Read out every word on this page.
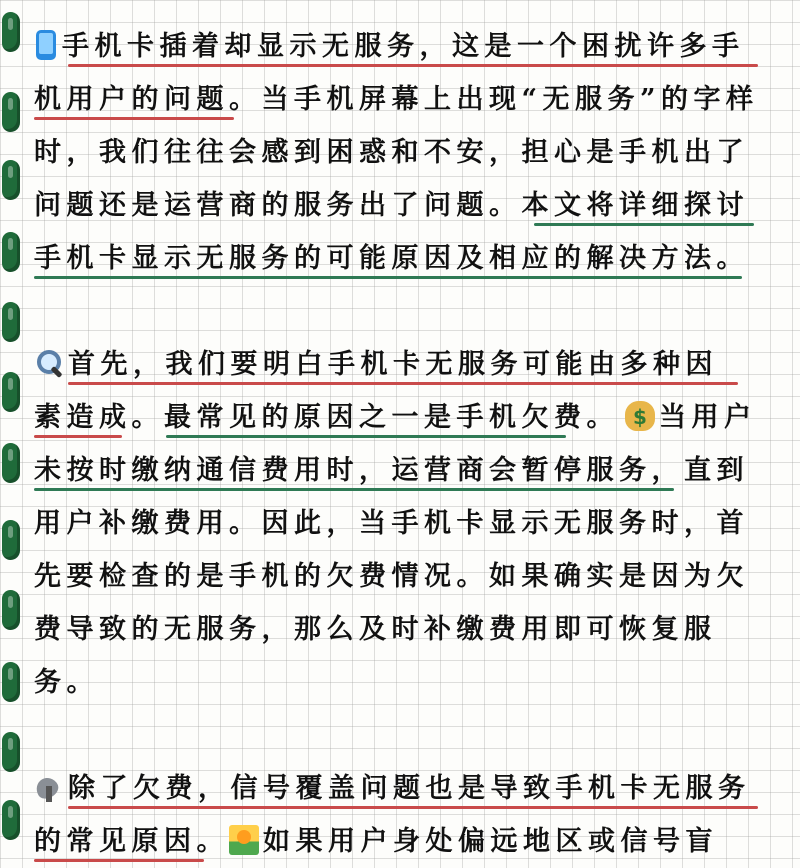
手机卡插着却显示无服务，这是一个困扰许多手
机用户的问题。当手机屏幕上出现“无服务”的字样
时，我们往往会感到困惑和不安，担心是手机出了
问题还是运营商的服务出了问题。本文将详细探讨
手机卡显示无服务的可能原因及相应的解决方法。
首先，我们要明白手机卡无服务可能由多种因
素造成。最常见的原因之一是手机欠费。$ 当用户
未按时缴纳通信费用时，运营商会暂停服务，直到
用户补缴费用。因此，当手机卡显示无服务时，首
先要检查的是手机的欠费情况。如果确实是因为欠
费导致的无服务，那么及时补缴费用即可恢复服
务。
除了欠费，信号覆盖问题也是导致手机卡无服务
的常见原因。 如果用户身处偏远地区或信号盲
